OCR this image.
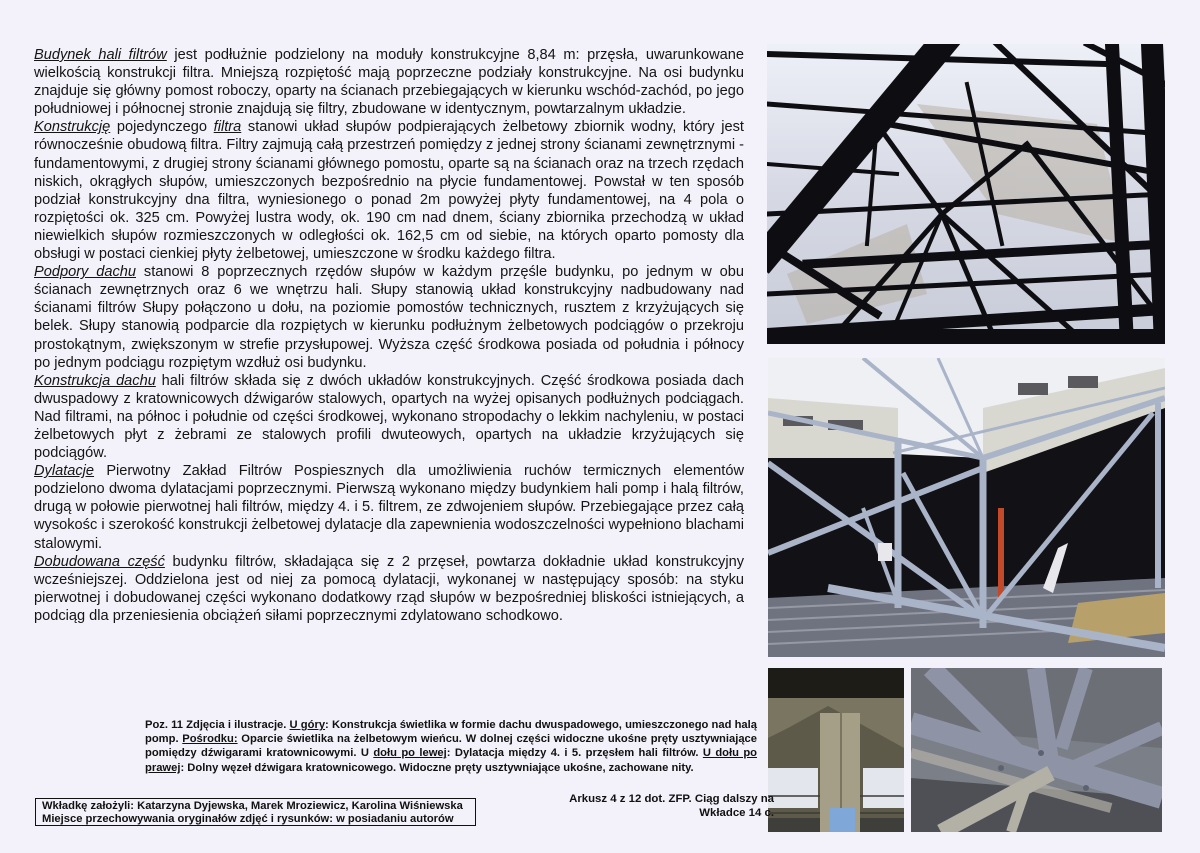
Budynek hali filtrów jest podłużnie podzielony na moduły konstrukcyjne 8,84 m: przęsła, uwarunkowane wielkością konstrukcji filtra. Mniejszą rozpiętość mają poprzeczne podziały konstrukcyjne. Na osi budynku znajduje się główny pomost roboczy, oparty na ścianach przebiegających w kierunku wschód-zachód, po jego południowej i północnej stronie znajdują się filtry, zbudowane w identycznym, powtarzalnym układzie.

Konstrukcję pojedynczego filtra stanowi układ słupów podpierających żelbetowy zbiornik wodny, który jest równocześnie obudową filtra. Filtry zajmują całą przestrzeń pomiędzy z jednej strony ścianami zewnętrznymi - fundamentowymi, z drugiej strony ścianami głównego pomostu, oparte są na ścianach oraz na trzech rzędach niskich, okrągłych słupów, umieszczonych bezpośrednio na płycie fundamentowej. Powstał w ten sposób podział konstrukcyjny dna filtra, wyniesionego o ponad 2m powyżej płyty fundamentowej, na 4 pola o rozpiętości ok. 325 cm. Powyżej lustra wody, ok. 190 cm nad dnem, ściany zbiornika przechodzą w układ niewielkich słupów rozmieszczonych w odległości ok. 162,5 cm od siebie, na których oparto pomosty dla obsługi w postaci cienkiej płyty żelbetowej, umieszczone w środku każdego filtra.

Podpory dachu stanowi 8 poprzecznych rzędów słupów w każdym przęśle budynku, po jednym w obu ścianach zewnętrznych oraz 6 we wnętrzu hali. Słupy stanowią układ konstrukcyjny nadbudowany nad ścianami filtrów Słupy połączono u dołu, na poziomie pomostów technicznych, rusztem z krzyżujących się belek. Słupy stanowią podparcie dla rozpiętych w kierunku podłużnym żelbetowych podciągów o przekroju prostokątnym, zwiększonym w strefie przysłupowej. Wyższa część środkowa posiada od południa i północy po jednym podciągu rozpiętym wzdłuż osi budynku.

Konstrukcja dachu hali filtrów składa się z dwóch układów konstrukcyjnych. Część środkowa posiada dach dwuspadowy z kratownicowych dźwigarów stalowych, opartych na wyżej opisanych podłużnych podciągach. Nad filtrami, na północ i południe od części środkowej, wykonano stropodachy o lekkim nachyleniu, w postaci żelbetowych płyt z żebrami ze stalowych profili dwuteowych, opartych na układzie krzyżujących się podciągów.

Dylatacje Pierwotny Zakład Filtrów Pospiesznych dla umożliwienia ruchów termicznych elementów podzielono dwoma dylatacjami poprzecznymi. Pierwszą wykonano między budynkiem hali pomp i halą filtrów, drugą w połowie pierwotnej hali filtrów, między 4. i 5. filtrem, ze zdwojeniem słupów. Przebiegające przez całą wysokośc i szerokość konstrukcji żelbetowej dylatacje dla zapewnienia wodoszczelności wypełniono blachami stalowymi.

Dobudowana część budynku filtrów, składająca się z 2 przęseł, powtarza dokładnie układ konstrukcyjny wcześniejszej. Oddzielona jest od niej za pomocą dylatacji, wykonanej w następujący sposób: na styku pierwotnej i dobudowanej części wykonano dodatkowy rząd słupów w bezpośredniej bliskości istniejących, a podciąg dla przeniesienia obciążeń siłami poprzecznymi zdylatowano schodkowo.

Poz. 11 Zdjęcia i ilustracje. U góry: Konstrukcja świetlika w formie dachu dwuspadowego, umieszczonego nad halą pomp. Pośrodku: Oparcie świetlika na żelbetowym wieńcu. W dolnej części widoczne ukośne pręty usztywniające pomiędzy dźwigarami kratownicowymi. U dołu po lewej: Dylatacja między 4. i 5. przęsłem hali filtrów. U dołu po prawej: Dolny węzeł dźwigara kratownicowego. Widoczne pręty usztywniające ukośne, zachowane nity.
Arkusz 4 z 12 dot. ZFP. Ciąg dalszy na
Wkładce 14 c.
Wkładkę założyli: Katarzyna Dyjewska, Marek Mroziewicz, Karolina Wiśniewska
Miejsce przechowywania oryginałów zdjęć i rysunków: w posiadaniu autorów
